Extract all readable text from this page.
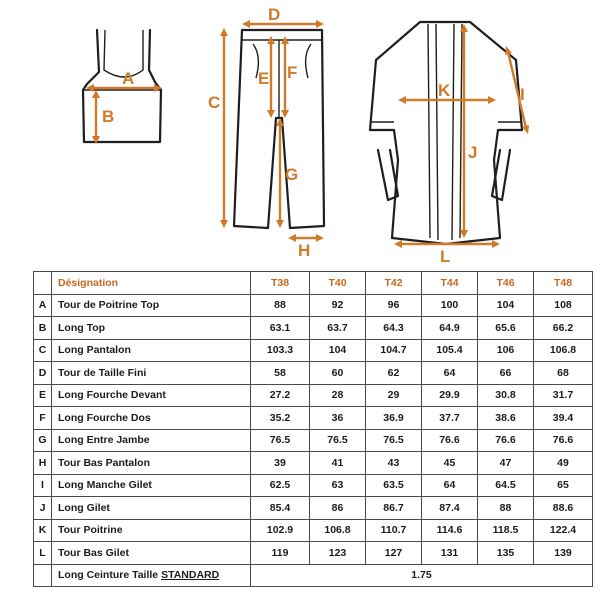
A
B
C
D
E F
G
H
I
J
K
L
	Désignation	T38	T40	T42	T44	T46	T48
A	Tour de Poitrine Top	88	92	96	100	104	108
B	Long Top	63.1	63.7	64.3	64.9	65.6	66.2
C	Long Pantalon	103.3	104	104.7	105.4	106	106.8
D	Tour de Taille Fini	58	60	62	64	66	68
E	Long Fourche Devant	27.2	28	29	29.9	30.8	31.7
F	Long Fourche Dos	35.2	36	36.9	37.7	38.6	39.4
G	Long Entre Jambe	76.5	76.5	76.5	76.6	76.6	76.6
H	Tour Bas Pantalon	39	41	43	45	47	49
I	Long Manche Gilet	62.5	63	63.5	64	64.5	65
J	Long Gilet	85.4	86	86.7	87.4	88	88.6
K	Tour Poitrine	102.9	106.8	110.7	114.6	118.5	122.4
L	Tour Bas Gilet	119	123	127	131	135	139
	Long Ceinture Taille STANDARD	1.75					
